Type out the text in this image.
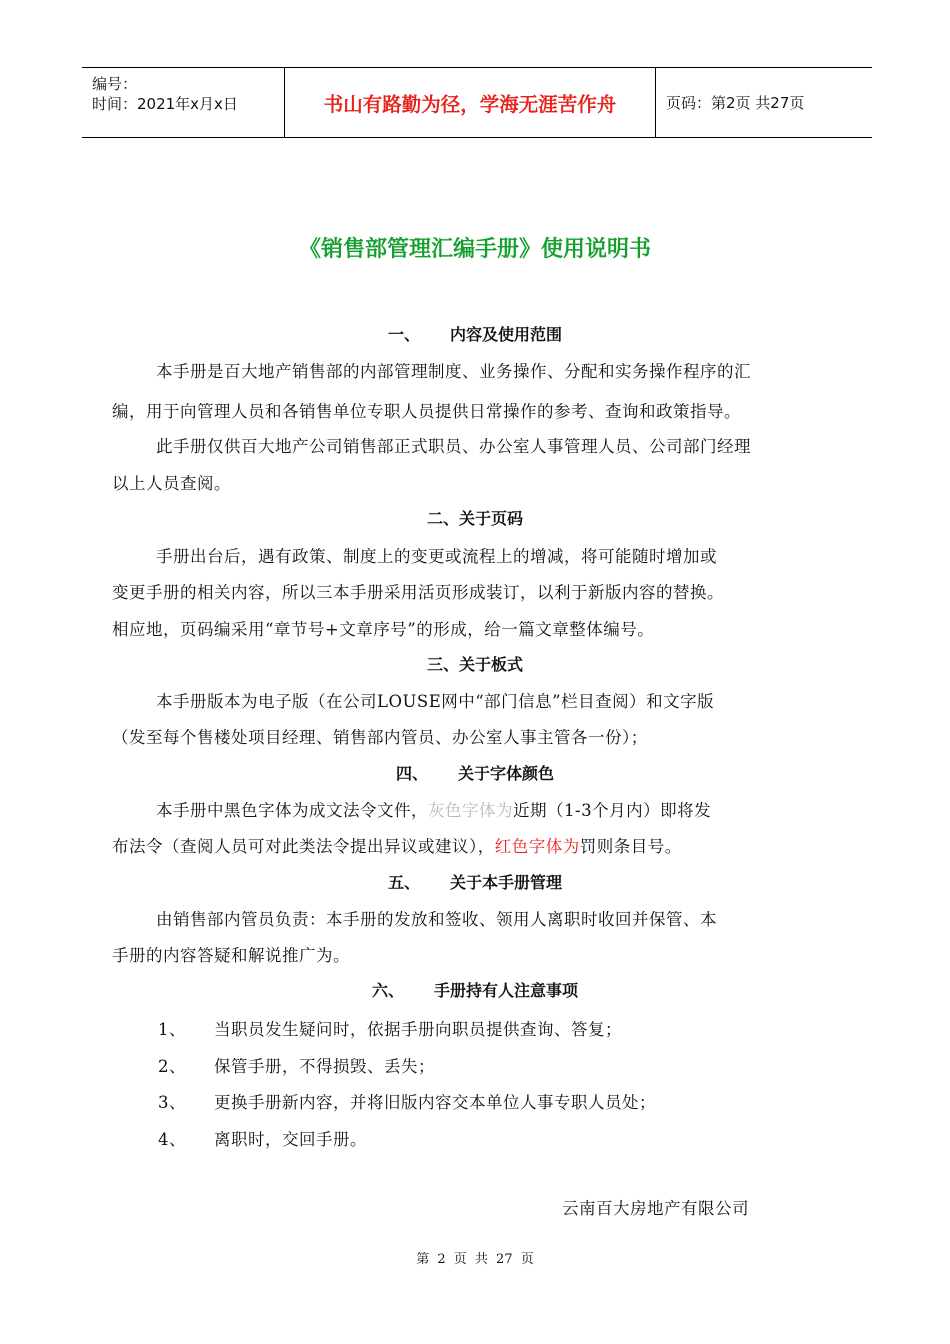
编号：
时间：2021年x月x日	书山有路勤为径，学海无涯苦作舟	页码：第2页 共27页
《销售部管理汇编手册》使用说明书
一、 内容及使用范围
本手册是百大地产销售部的内部管理制度、业务操作、分配和实务操作程序的汇
编，用于向管理人员和各销售单位专职人员提供日常操作的参考、查询和政策指导。
此手册仅供百大地产公司销售部正式职员、办公室人事管理人员、公司部门经理
以上人员查阅。
二、关于页码
手册出台后，遇有政策、制度上的变更或流程上的增减，将可能随时增加或
变更手册的相关内容，所以三本手册采用活页形成装订，以利于新版内容的替换。
相应地，页码编采用“章节号+文章序号”的形成，给一篇文章整体编号。
三、关于板式
本手册版本为电子版（在公司LOUSE网中“部门信息”栏目查阅）和文字版
（发至每个售楼处项目经理、销售部内管员、办公室人事主管各一份）；
四、 关于字体颜色
本手册中黑色字体为成文法令文件，灰色字体为近期（1-3个月内）即将发
布法令（查阅人员可对此类法令提出异议或建议），红色字体为罚则条目号。
五、 关于本手册管理
由销售部内管员负责：本手册的发放和签收、领用人离职时收回并保管、本
手册的内容答疑和解说推广为。
六、 手册持有人注意事项
1、 当职员发生疑问时，依据手册向职员提供查询、答复；
2、 保管手册，不得损毁、丢失；
3、 更换手册新内容，并将旧版内容交本单位人事专职人员处；
4、 离职时，交回手册。
云南百大房地产有限公司
第 2 页 共 27 页
